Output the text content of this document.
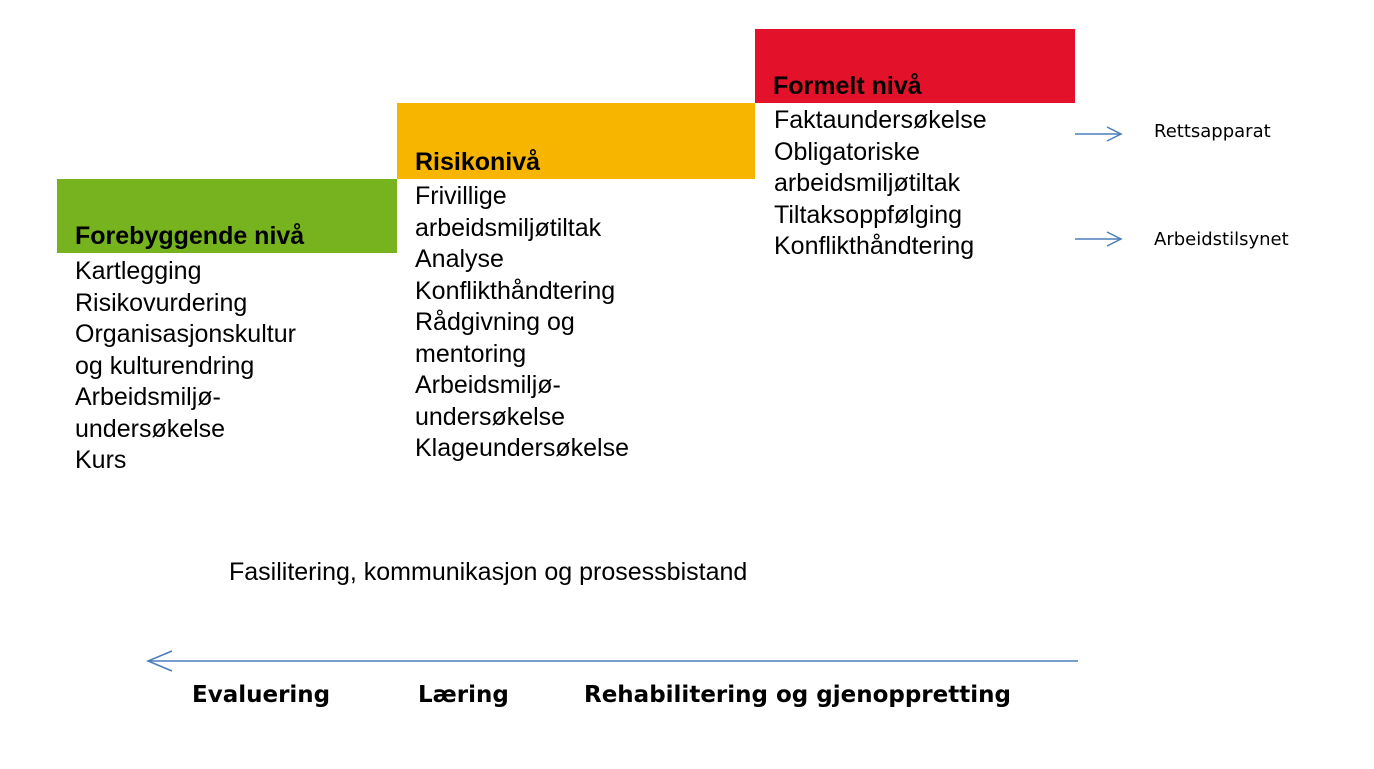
Forebyggende nivå
Kartlegging
Risikovurdering
Organisasjonskultur
og kulturendring
Arbeidsmiljø-
undersøkelse
Kurs
Risikonivå
Frivillige
arbeidsmiljøtiltak
Analyse
Konflikthåndtering
Rådgivning og
mentoring
Arbeidsmiljø-
undersøkelse
Klageundersøkelse
Formelt nivå
Faktaundersøkelse
Obligatoriske
arbeidsmiljøtiltak
Tiltaksoppfølging
Konflikthåndtering
Rettsapparat
Arbeidstilsynet
Fasilitering, kommunikasjon og prosessbistand
Evaluering	Læring	Rehabilitering og gjenoppretting
